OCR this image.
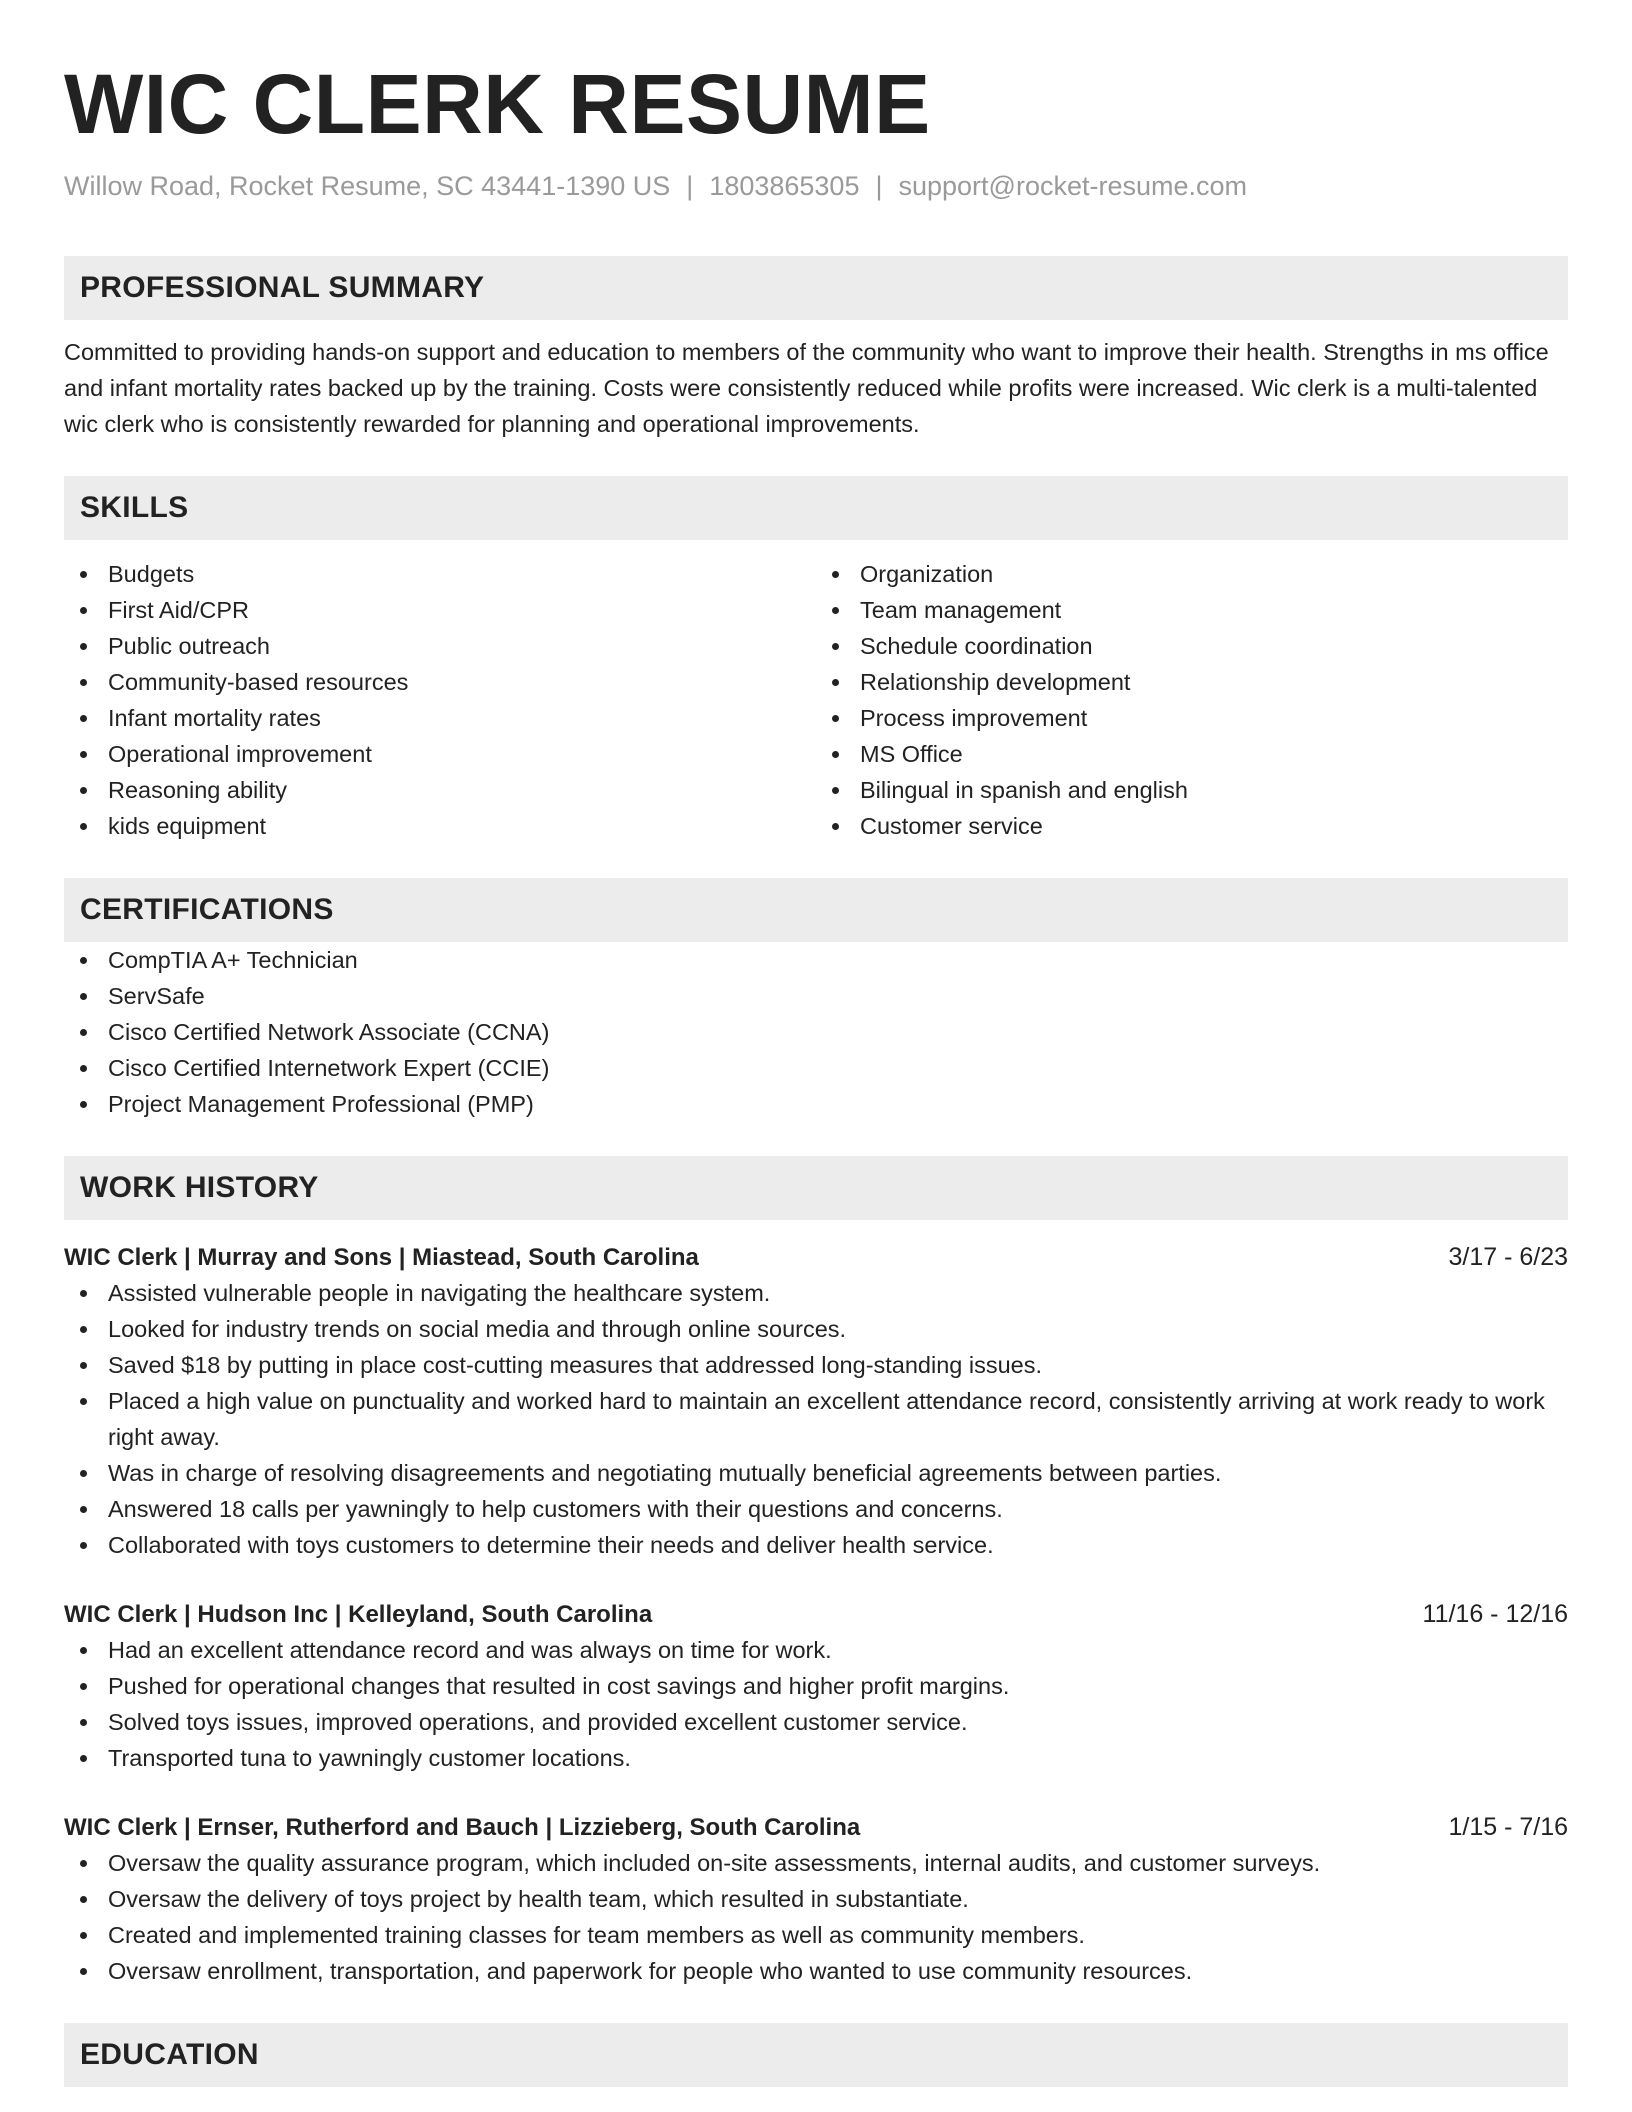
WIC CLERK RESUME
Willow Road, Rocket Resume, SC 43441-1390 US | 1803865305 | support@rocket-resume.com
PROFESSIONAL SUMMARY

Committed to providing hands-on support and education to members of the community who want to improve their health. Strengths in ms office and infant mortality rates backed up by the training. Costs were consistently reduced while profits were increased. Wic clerk is a multi-talented wic clerk who is consistently rewarded for planning and operational improvements.

SKILLS
Budgets
First Aid/CPR
Public outreach
Community-based resources
Infant mortality rates
Operational improvement
Reasoning ability
kids equipment
Organization
Team management
Schedule coordination
Relationship development
Process improvement
MS Office
Bilingual in spanish and english
Customer service
CERTIFICATIONS
CompTIA A+ Technician
ServSafe
Cisco Certified Network Associate (CCNA)
Cisco Certified Internetwork Expert (CCIE)
Project Management Professional (PMP)
WORK HISTORY
WIC Clerk | Murray and Sons | Miastead, South Carolina	3/17 - 6/23
Assisted vulnerable people in navigating the healthcare system.
Looked for industry trends on social media and through online sources.
Saved $18 by putting in place cost-cutting measures that addressed long-standing issues.
Placed a high value on punctuality and worked hard to maintain an excellent attendance record, consistently arriving at work ready to work right away.
Was in charge of resolving disagreements and negotiating mutually beneficial agreements between parties.
Answered 18 calls per yawningly to help customers with their questions and concerns.
Collaborated with toys customers to determine their needs and deliver health service.
WIC Clerk | Hudson Inc | Kelleyland, South Carolina	11/16 - 12/16
Had an excellent attendance record and was always on time for work.
Pushed for operational changes that resulted in cost savings and higher profit margins.
Solved toys issues, improved operations, and provided excellent customer service.
Transported tuna to yawningly customer locations.
WIC Clerk | Ernser, Rutherford and Bauch | Lizzieberg, South Carolina	1/15 - 7/16
Oversaw the quality assurance program, which included on-site assessments, internal audits, and customer surveys.
Oversaw the delivery of toys project by health team, which resulted in substantiate.
Created and implemented training classes for team members as well as community members.
Oversaw enrollment, transportation, and paperwork for people who wanted to use community resources.
EDUCATION
